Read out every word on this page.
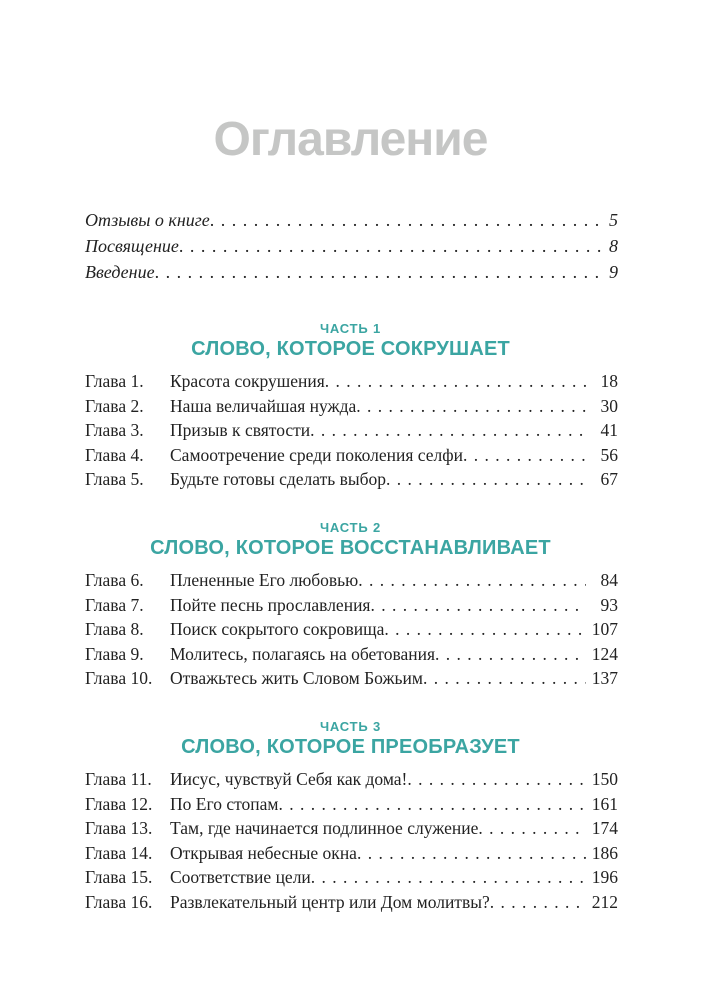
Оглавление
Отзывы о книге . . .	5
Посвящение . . .	8
Введение . . .	9
ЧАСТЬ 1
СЛОВО, КОТОРОЕ СОКРУШАЕТ
Глава 1.	Красота сокрушения . . .	18
Глава 2.	Наша величайшая нужда . . .	30
Глава 3.	Призыв к святости . . .	41
Глава 4.	Самоотречение среди поколения селфи . . .	56
Глава 5.	Будьте готовы сделать выбор . . .	67
ЧАСТЬ 2
СЛОВО, КОТОРОЕ ВОССТАНАВЛИВАЕТ
Глава 6.	Плененные Его любовью . . .	84
Глава 7.	Пойте песнь прославления . . .	93
Глава 8.	Поиск сокрытого сокровища . . .	107
Глава 9.	Молитесь, полагаясь на обетования . . .	124
Глава 10.	Отважьтесь жить Словом Божьим . . .	137
ЧАСТЬ 3
СЛОВО, КОТОРОЕ ПРЕОБРАЗУЕТ
Глава 11.	Иисус, чувствуй Себя как дома! . . .	150
Глава 12.	По Его стопам . . .	161
Глава 13.	Там, где начинается подлинное служение . . .	174
Глава 14.	Открывая небесные окна . . .	186
Глава 15.	Соответствие цели . . .	196
Глава 16.	Развлекательный центр или Дом молитвы? . . .	212
